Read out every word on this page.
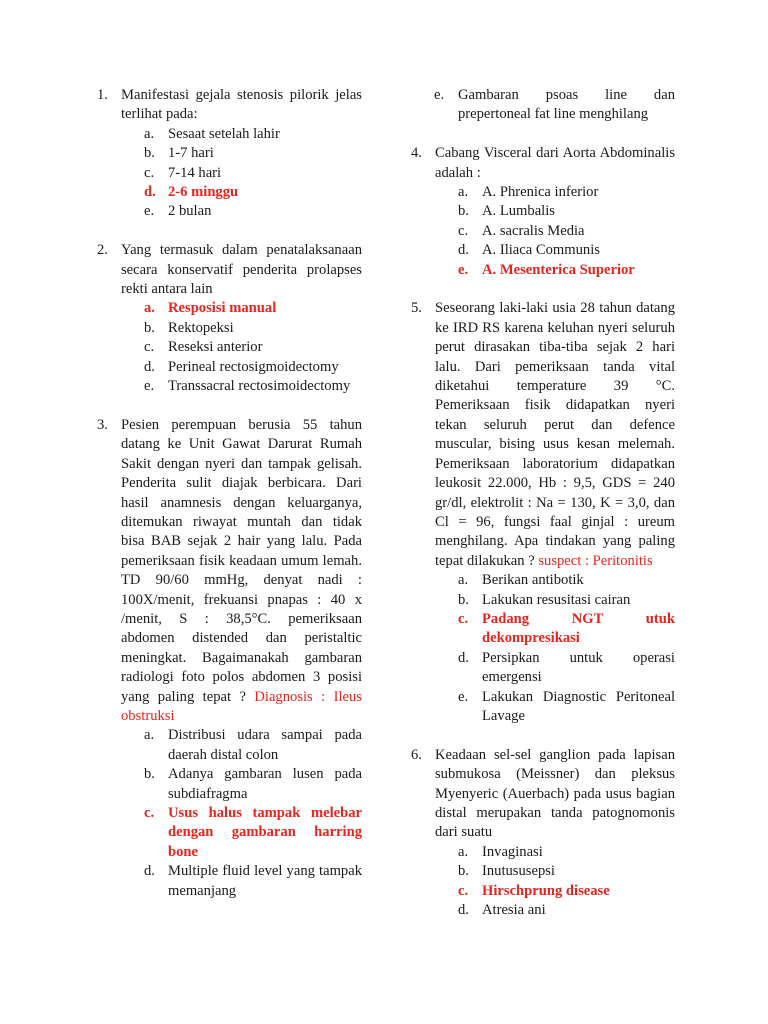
1. Manifestasi gejala stenosis pilorik jelas terlihat pada:
a. Sesaat setelah lahir
b. 1-7 hari
c. 7-14 hari
d. 2-6 minggu
e. 2 bulan
2. Yang termasuk dalam penatalaksanaan secara konservatif penderita prolapses rekti antara lain
a. Resposisi manual
b. Rektopeksi
c. Reseksi anterior
d. Perineal rectosigmoidectomy
e. Transsacral rectosimoidectomy
3. Pesien perempuan berusia 55 tahun datang ke Unit Gawat Darurat Rumah Sakit dengan nyeri dan tampak gelisah. Penderita sulit diajak berbicara. Dari hasil anamnesis dengan keluarganya, ditemukan riwayat muntah dan tidak bisa BAB sejak 2 hair yang lalu. Pada pemeriksaan fisik keadaan umum lemah. TD 90/60 mmHg, denyat nadi : 100X/menit, frekuansi pnapas : 40 x /menit, S : 38,5°C. pemeriksaan abdomen distended dan peristaltic meningkat. Bagaimanakah gambaran radiologi foto polos abdomen 3 posisi yang paling tepat ? Diagnosis : Ileus obstruksi
a. Distribusi udara sampai pada daerah distal colon
b. Adanya gambaran lusen pada subdiafragma
c. Usus halus tampak melebar dengan gambaran harring bone
d. Multiple fluid level yang tampak memanjang
e. Gambaran psoas line dan prepertoneal fat line menghilang
4. Cabang Visceral dari Aorta Abdominalis adalah :
a. A. Phrenica inferior
b. A. Lumbalis
c. A. sacralis Media
d. A. Iliaca Communis
e. A. Mesenterica Superior
5. Seseorang laki-laki usia 28 tahun datang ke IRD RS karena keluhan nyeri seluruh perut dirasakan tiba-tiba sejak 2 hari lalu. Dari pemeriksaan tanda vital diketahui temperature 39 °C. Pemeriksaan fisik didapatkan nyeri tekan seluruh perut dan defence muscular, bising usus kesan melemah. Pemeriksaan laboratorium didapatkan leukosit 22.000, Hb : 9,5, GDS = 240 gr/dl, elektrolit : Na = 130, K = 3,0, dan Cl = 96, fungsi faal ginjal : ureum menghilang. Apa tindakan yang paling tepat dilakukan ? suspect : Peritonitis
a. Berikan antibotik
b. Lakukan resusitasi cairan
c. Padang NGT utuk dekompresikasi
d. Persipkan untuk operasi emergensi
e. Lakukan Diagnostic Peritoneal Lavage
6. Keadaan sel-sel ganglion pada lapisan submukosa (Meissner) dan pleksus Myenyeric (Auerbach) pada usus bagian distal merupakan tanda patognomonis dari suatu
a. Invaginasi
b. Inutususepsi
c. Hirschprung disease
d. Atresia ani
